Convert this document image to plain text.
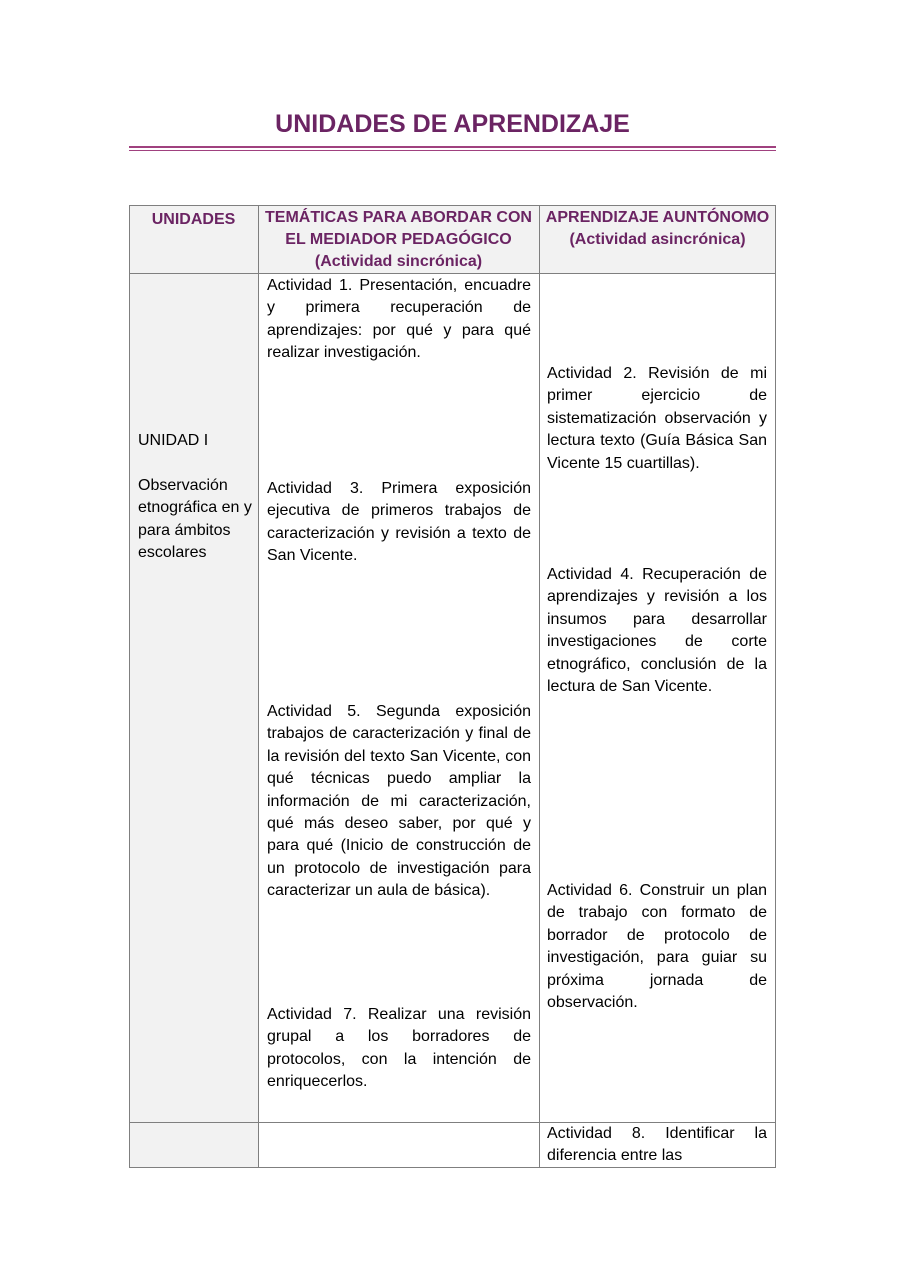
UNIDADES DE APRENDIZAJE
UNIDADES	TEMÁTICAS PARA ABORDAR CON
EL MEDIADOR PEDAGÓGICO
(Actividad sincrónica)
APRENDIZAJE AUNTÓNOMO
(Actividad asincrónica)
UNIDAD I
Observación etnográfica en y para ámbitos escolares
Actividad 1. Presentación, encuadre y primera recuperación de aprendizajes: por qué y para qué realizar investigación.
Actividad 3. Primera exposición ejecutiva de primeros trabajos de caracterización y revisión a texto de San Vicente.
Actividad 5. Segunda exposición trabajos de caracterización y final de la revisión del texto San Vicente, con qué técnicas puedo ampliar la información de mi caracterización, qué más deseo saber, por qué y para qué (Inicio de construcción de un protocolo de investigación para caracterizar un aula de básica).
Actividad 7. Realizar una revisión grupal a los borradores de protocolos, con la intención de enriquecerlos.
Actividad 2. Revisión de mi primer ejercicio de sistematización observación y lectura texto (Guía Básica San Vicente 15 cuartillas).
Actividad 4. Recuperación de aprendizajes y revisión a los insumos para desarrollar investigaciones de corte etnográfico, conclusión de la lectura de San Vicente.
Actividad 6. Construir un plan de trabajo con formato de borrador de protocolo de investigación, para guiar su próxima jornada de observación.
Actividad 8. Identificar la diferencia entre las
